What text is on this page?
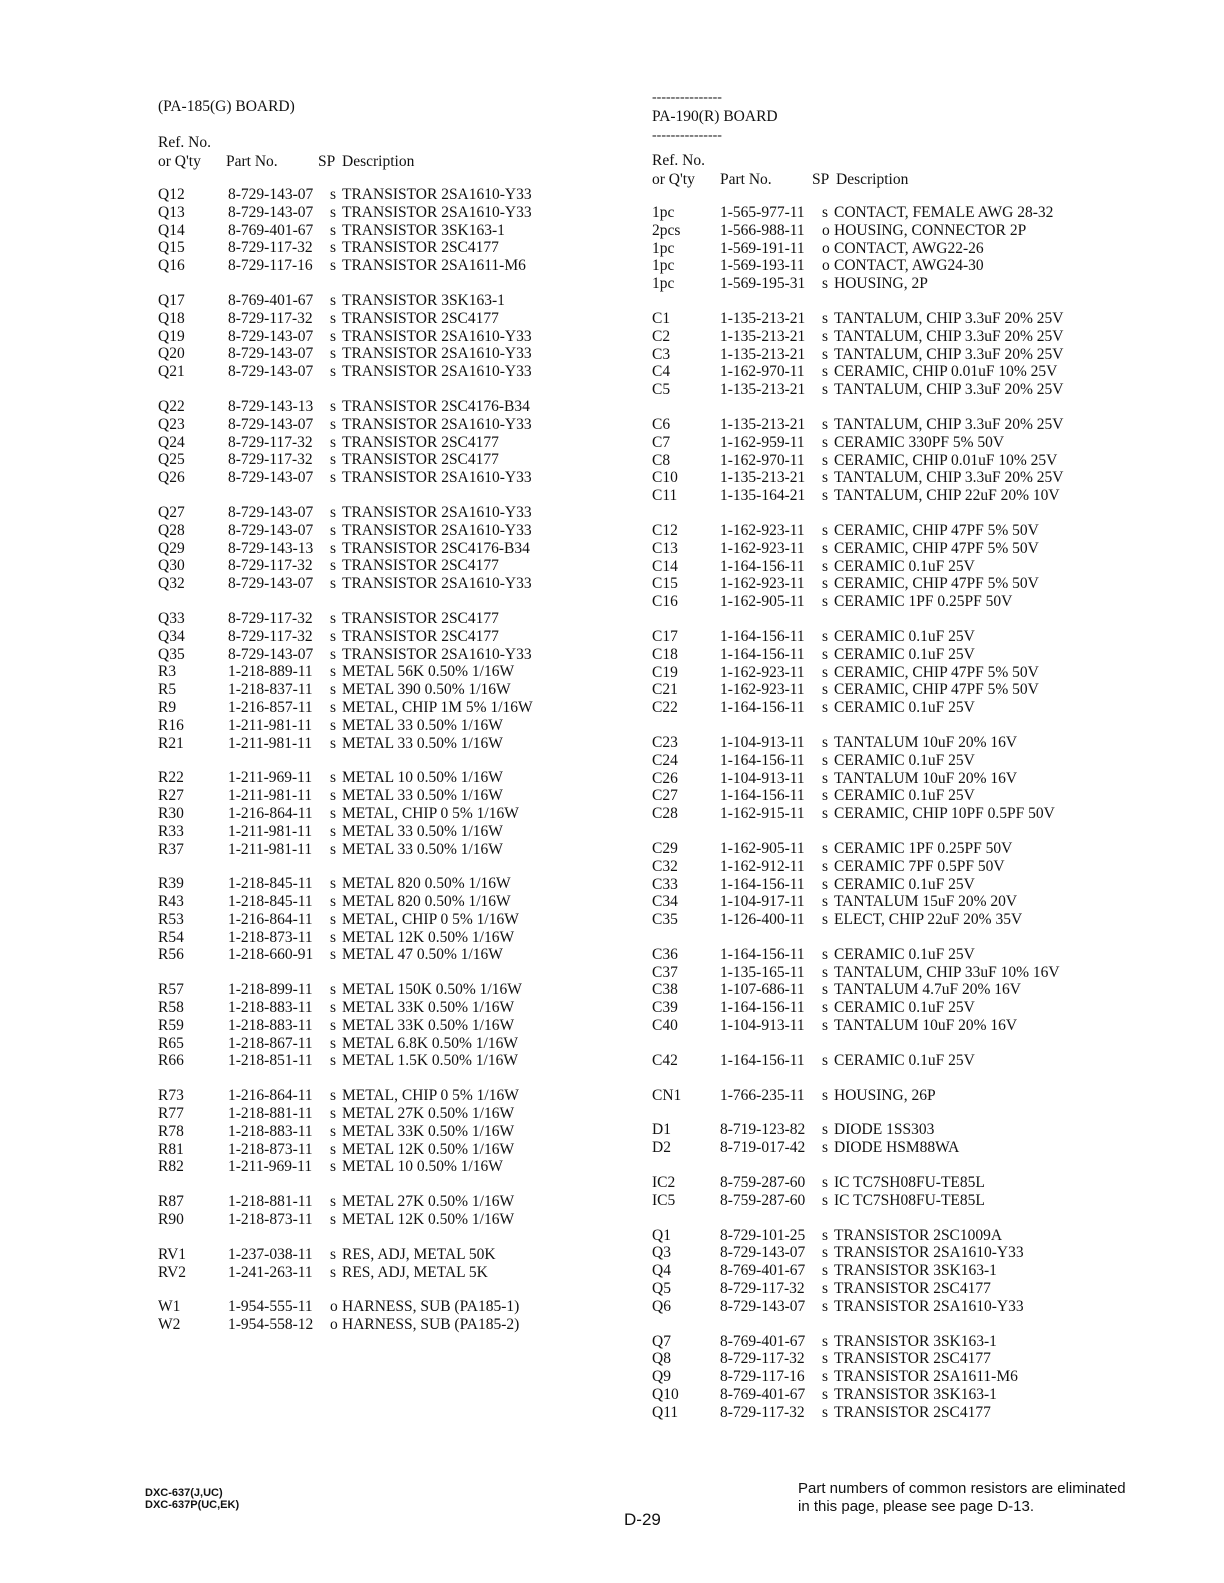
(PA-185(G) BOARD)
Ref. No.
or Q'ty	Part No.	SP Description
Q12	8-729-143-07	s TRANSISTOR 2SA1610-Y33
Q13	8-729-143-07	s TRANSISTOR 2SA1610-Y33
Q14	8-769-401-67	s TRANSISTOR 3SK163-1
Q15	8-729-117-32	s TRANSISTOR 2SC4177
Q16	8-729-117-16	s TRANSISTOR 2SA1611-M6
Q17	8-769-401-67	s TRANSISTOR 3SK163-1
Q18	8-729-117-32	s TRANSISTOR 2SC4177
Q19	8-729-143-07	s TRANSISTOR 2SA1610-Y33
Q20	8-729-143-07	s TRANSISTOR 2SA1610-Y33
Q21	8-729-143-07	s TRANSISTOR 2SA1610-Y33
Q22	8-729-143-13	s TRANSISTOR 2SC4176-B34
Q23	8-729-143-07	s TRANSISTOR 2SA1610-Y33
Q24	8-729-117-32	s TRANSISTOR 2SC4177
Q25	8-729-117-32	s TRANSISTOR 2SC4177
Q26	8-729-143-07	s TRANSISTOR 2SA1610-Y33
Q27	8-729-143-07	s TRANSISTOR 2SA1610-Y33
Q28	8-729-143-07	s TRANSISTOR 2SA1610-Y33
Q29	8-729-143-13	s TRANSISTOR 2SC4176-B34
Q30	8-729-117-32	s TRANSISTOR 2SC4177
Q32	8-729-143-07	s TRANSISTOR 2SA1610-Y33
Q33	8-729-117-32	s TRANSISTOR 2SC4177
Q34	8-729-117-32	s TRANSISTOR 2SC4177
Q35	8-729-143-07	s TRANSISTOR 2SA1610-Y33
R3	1-218-889-11	s METAL 56K 0.50% 1/16W
R5	1-218-837-11	s METAL 390 0.50% 1/16W
R9	1-216-857-11	s METAL, CHIP 1M 5% 1/16W
R16	1-211-981-11	s METAL 33 0.50% 1/16W
R21	1-211-981-11	s METAL 33 0.50% 1/16W
R22	1-211-969-11	s METAL 10 0.50% 1/16W
R27	1-211-981-11	s METAL 33 0.50% 1/16W
R30	1-216-864-11	s METAL, CHIP 0 5% 1/16W
R33	1-211-981-11	s METAL 33 0.50% 1/16W
R37	1-211-981-11	s METAL 33 0.50% 1/16W
R39	1-218-845-11	s METAL 820 0.50% 1/16W
R43	1-218-845-11	s METAL 820 0.50% 1/16W
R53	1-216-864-11	s METAL, CHIP 0 5% 1/16W
R54	1-218-873-11	s METAL 12K 0.50% 1/16W
R56	1-218-660-91	s METAL 47 0.50% 1/16W
R57	1-218-899-11	s METAL 150K 0.50% 1/16W
R58	1-218-883-11	s METAL 33K 0.50% 1/16W
R59	1-218-883-11	s METAL 33K 0.50% 1/16W
R65	1-218-867-11	s METAL 6.8K 0.50% 1/16W
R66	1-218-851-11	s METAL 1.5K 0.50% 1/16W
R73	1-216-864-11	s METAL, CHIP 0 5% 1/16W
R77	1-218-881-11	s METAL 27K 0.50% 1/16W
R78	1-218-883-11	s METAL 33K 0.50% 1/16W
R81	1-218-873-11	s METAL 12K 0.50% 1/16W
R82	1-211-969-11	s METAL 10 0.50% 1/16W
R87	1-218-881-11	s METAL 27K 0.50% 1/16W
R90	1-218-873-11	s METAL 12K 0.50% 1/16W
RV1	1-237-038-11	s RES, ADJ, METAL 50K
RV2	1-241-263-11	s RES, ADJ, METAL 5K
W1	1-954-555-11	o HARNESS, SUB (PA185-1)
W2	1-954-558-12	o HARNESS, SUB (PA185-2)
---------------
PA-190(R) BOARD
---------------
Ref. No.
or Q'ty	Part No.	SP Description
1pc	1-565-977-11	s CONTACT, FEMALE AWG 28-32
2pcs	1-566-988-11	o HOUSING, CONNECTOR 2P
1pc	1-569-191-11	o CONTACT, AWG22-26
1pc	1-569-193-11	o CONTACT, AWG24-30
1pc	1-569-195-31	s HOUSING, 2P
C1	1-135-213-21	s TANTALUM, CHIP 3.3uF 20% 25V
C2	1-135-213-21	s TANTALUM, CHIP 3.3uF 20% 25V
C3	1-135-213-21	s TANTALUM, CHIP 3.3uF 20% 25V
C4	1-162-970-11	s CERAMIC, CHIP 0.01uF 10% 25V
C5	1-135-213-21	s TANTALUM, CHIP 3.3uF 20% 25V
C6	1-135-213-21	s TANTALUM, CHIP 3.3uF 20% 25V
C7	1-162-959-11	s CERAMIC 330PF 5% 50V
C8	1-162-970-11	s CERAMIC, CHIP 0.01uF 10% 25V
C10	1-135-213-21	s TANTALUM, CHIP 3.3uF 20% 25V
C11	1-135-164-21	s TANTALUM, CHIP 22uF 20% 10V
C12	1-162-923-11	s CERAMIC, CHIP 47PF 5% 50V
C13	1-162-923-11	s CERAMIC, CHIP 47PF 5% 50V
C14	1-164-156-11	s CERAMIC 0.1uF 25V
C15	1-162-923-11	s CERAMIC, CHIP 47PF 5% 50V
C16	1-162-905-11	s CERAMIC 1PF 0.25PF 50V
C17	1-164-156-11	s CERAMIC 0.1uF 25V
C18	1-164-156-11	s CERAMIC 0.1uF 25V
C19	1-162-923-11	s CERAMIC, CHIP 47PF 5% 50V
C21	1-162-923-11	s CERAMIC, CHIP 47PF 5% 50V
C22	1-164-156-11	s CERAMIC 0.1uF 25V
C23	1-104-913-11	s TANTALUM 10uF 20% 16V
C24	1-164-156-11	s CERAMIC 0.1uF 25V
C26	1-104-913-11	s TANTALUM 10uF 20% 16V
C27	1-164-156-11	s CERAMIC 0.1uF 25V
C28	1-162-915-11	s CERAMIC, CHIP 10PF 0.5PF 50V
C29	1-162-905-11	s CERAMIC 1PF 0.25PF 50V
C32	1-162-912-11	s CERAMIC 7PF 0.5PF 50V
C33	1-164-156-11	s CERAMIC 0.1uF 25V
C34	1-104-917-11	s TANTALUM 15uF 20% 20V
C35	1-126-400-11	s ELECT, CHIP 22uF 20% 35V
C36	1-164-156-11	s CERAMIC 0.1uF 25V
C37	1-135-165-11	s TANTALUM, CHIP 33uF 10% 16V
C38	1-107-686-11	s TANTALUM 4.7uF 20% 16V
C39	1-164-156-11	s CERAMIC 0.1uF 25V
C40	1-104-913-11	s TANTALUM 10uF 20% 16V
C42	1-164-156-11	s CERAMIC 0.1uF 25V
CN1	1-766-235-11	s HOUSING, 26P
D1	8-719-123-82	s DIODE 1SS303
D2	8-719-017-42	s DIODE HSM88WA
IC2	8-759-287-60	s IC TC7SH08FU-TE85L
IC5	8-759-287-60	s IC TC7SH08FU-TE85L
Q1	8-729-101-25	s TRANSISTOR 2SC1009A
Q3	8-729-143-07	s TRANSISTOR 2SA1610-Y33
Q4	8-769-401-67	s TRANSISTOR 3SK163-1
Q5	8-729-117-32	s TRANSISTOR 2SC4177
Q6	8-729-143-07	s TRANSISTOR 2SA1610-Y33
Q7	8-769-401-67	s TRANSISTOR 3SK163-1
Q8	8-729-117-32	s TRANSISTOR 2SC4177
Q9	8-729-117-16	s TRANSISTOR 2SA1611-M6
Q10	8-769-401-67	s TRANSISTOR 3SK163-1
Q11	8-729-117-32	s TRANSISTOR 2SC4177
DXC-637(J,UC)
DXC-637P(UC,EK)
D-29
Part numbers of common resistors are eliminated
in this page, please see page D-13.
